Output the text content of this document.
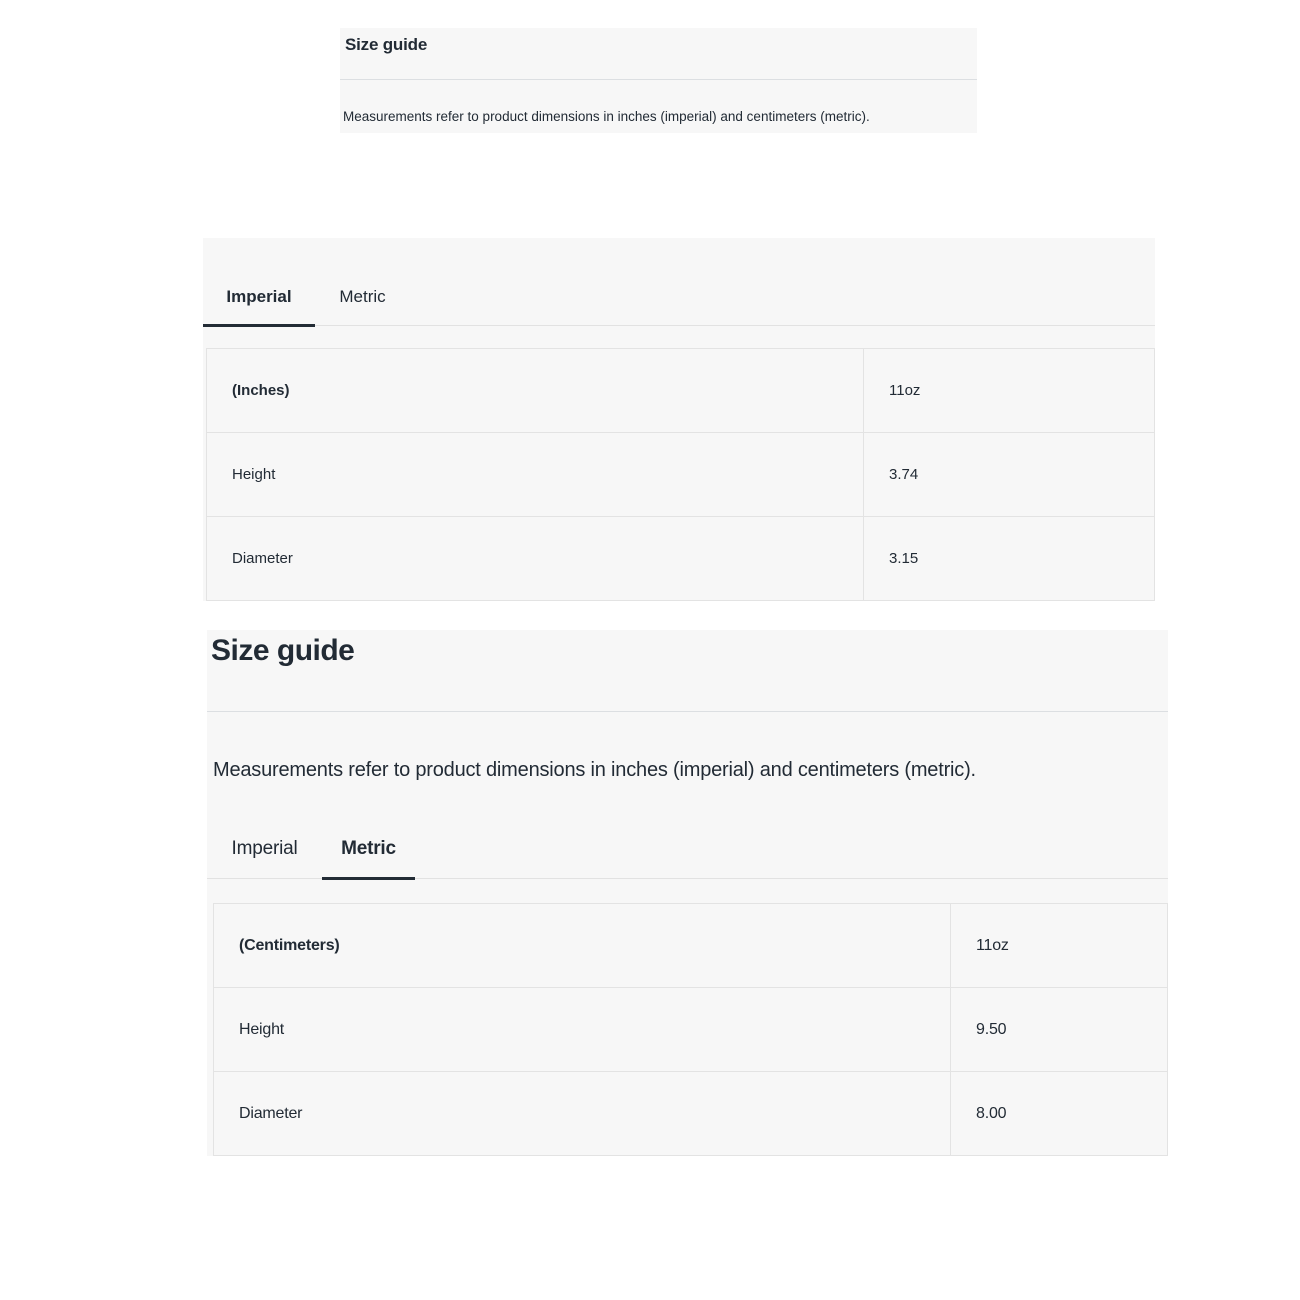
Size guide

Measurements refer to product dimensions in inches (imperial) and centimeters (metric).

Imperial	Metric
(Inches)	11oz
Height	3.74
Diameter	3.15
Size guide

Measurements refer to product dimensions in inches (imperial) and centimeters (metric).

Imperial	Metric
(Centimeters)	11oz
Height	9.50
Diameter	8.00
